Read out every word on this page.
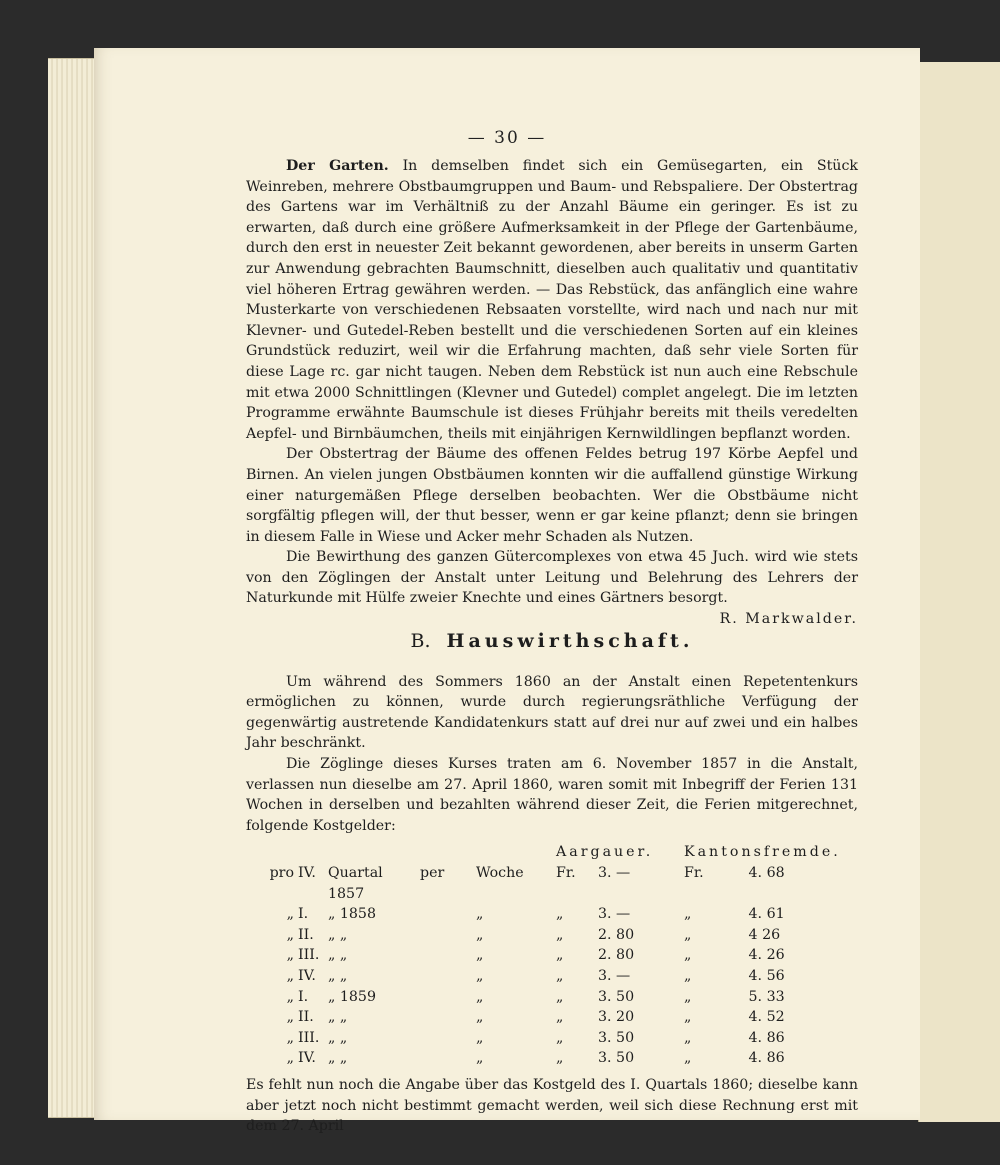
— 30 —

Der Garten. In demselben findet sich ein Gemüsegarten, ein Stück Weinreben, mehrere Obstbaumgruppen und Baum- und Rebspaliere. Der Obstertrag des Gartens war im Verhältniß zu der Anzahl Bäume ein geringer. Es ist zu erwarten, daß durch eine größere Aufmerksamkeit in der Pflege der Gartenbäume, durch den erst in neuester Zeit bekannt gewordenen, aber bereits in unserm Garten zur Anwendung gebrachten Baumschnitt, dieselben auch qualitativ und quantitativ viel höheren Ertrag gewähren werden. — Das Rebstück, das anfänglich eine wahre Musterkarte von verschiedenen Rebsaaten vorstellte, wird nach und nach nur mit Klevner- und Gutedel-Reben bestellt und die verschiedenen Sorten auf ein kleines Grundstück reduzirt, weil wir die Erfahrung machten, daß sehr viele Sorten für diese Lage rc. gar nicht taugen. Neben dem Rebstück ist nun auch eine Rebschule mit etwa 2000 Schnittlingen (Klevner und Gutedel) complet angelegt. Die im letzten Programme erwähnte Baumschule ist dieses Frühjahr bereits mit theils veredelten Aepfel- und Birnbäumchen, theils mit einjährigen Kernwildlingen bepflanzt worden.

Der Obstertrag der Bäume des offenen Feldes betrug 197 Körbe Aepfel und Birnen. An vielen jungen Obstbäumen konnten wir die auffallend günstige Wirkung einer naturgemäßen Pflege derselben beobachten. Wer die Obstbäume nicht sorgfältig pflegen will, der thut besser, wenn er gar keine pflanzt; denn sie bringen in diesem Falle in Wiese und Acker mehr Schaden als Nutzen.

Die Bewirthung des ganzen Gütercomplexes von etwa 45 Juch. wird wie stets von den Zöglingen der Anstalt unter Leitung und Belehrung des Lehrers der Naturkunde mit Hülfe zweier Knechte und eines Gärtners besorgt.
R. Markwalder.

B. Hauswirthschaft.

Um während des Sommers 1860 an der Anstalt einen Repetentenkurs ermöglichen zu können, wurde durch regierungsräthliche Verfügung der gegenwärtig austretende Kandidatenkurs statt auf drei nur auf zwei und ein halbes Jahr beschränkt.

Die Zöglinge dieses Kurses traten am 6. November 1857 in die Anstalt, verlassen nun dieselbe am 27. April 1860, waren somit mit Inbegriff der Ferien 131 Wochen in derselben und bezahlten während dieser Zeit, die Ferien mitgerechnet, folgende Kostgelder:

					Aargauer.		Kantonsfremde.	
pro	IV.	Quartal 1857	per	Woche	Fr.	3. —	Fr.	4. 68
„	I.	„ 1858		„	„	3. —	„	4. 61
„	II.	„ „		„	„	2. 80	„	4 26
„	III.	„ „		„	„	2. 80	„	4. 26
„	IV.	„ „		„	„	3. —	„	4. 56
„	I.	„ 1859		„	„	3. 50	„	5. 33
„	II.	„ „		„	„	3. 20	„	4. 52
„	III.	„ „		„	„	3. 50	„	4. 86
„	IV.	„ „		„	„	3. 50	„	4. 86

Es fehlt nun noch die Angabe über das Kostgeld des I. Quartals 1860; dieselbe kann aber jetzt noch nicht bestimmt gemacht werden, weil sich diese Rechnung erst mit dem 27. April
